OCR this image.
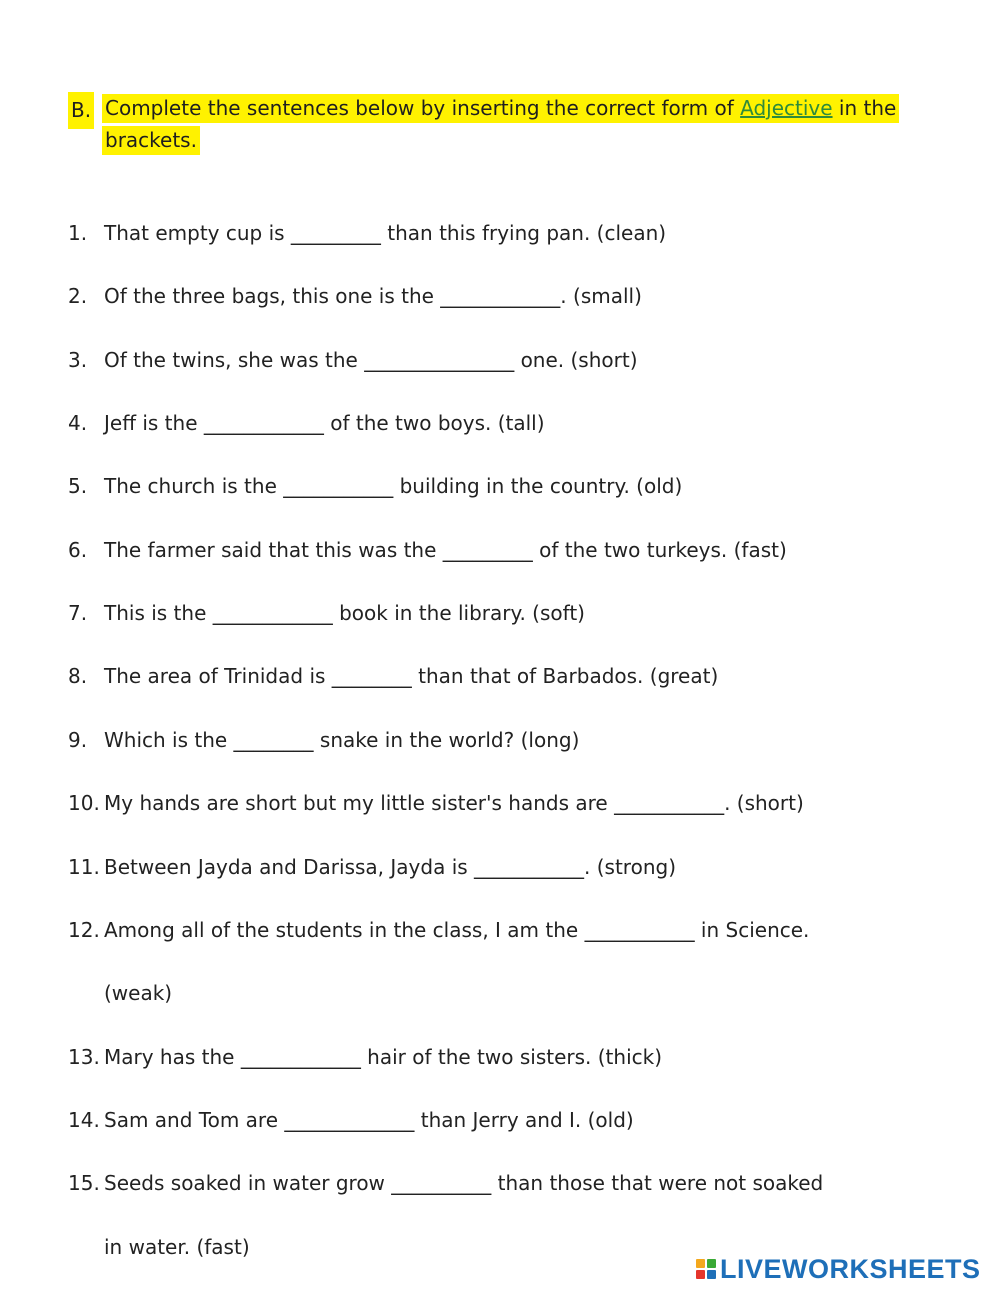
B. Complete the sentences below by inserting the correct form of Adjective in the brackets.
1. That empty cup is _________ than this frying pan. (clean)
2. Of the three bags, this one is the ____________. (small)
3. Of the twins, she was the _______________ one. (short)
4. Jeff is the ____________ of the two boys. (tall)
5. The church is the ___________ building in the country. (old)
6. The farmer said that this was the _________ of the two turkeys. (fast)
7. This is the ____________ book in the library. (soft)
8. The area of Trinidad is ________ than that of Barbados. (great)
9. Which is the ________ snake in the world? (long)
10. My hands are short but my little sister's hands are ___________. (short)
11. Between Jayda and Darissa, Jayda is ___________. (strong)
12. Among all of the students in the class, I am the ___________ in Science.
(weak)
13. Mary has the ____________ hair of the two sisters. (thick)
14. Sam and Tom are _____________ than Jerry and I. (old)
15. Seeds soaked in water grow __________ than those that were not soaked
in water. (fast)
LIVEWORKSHEETS
